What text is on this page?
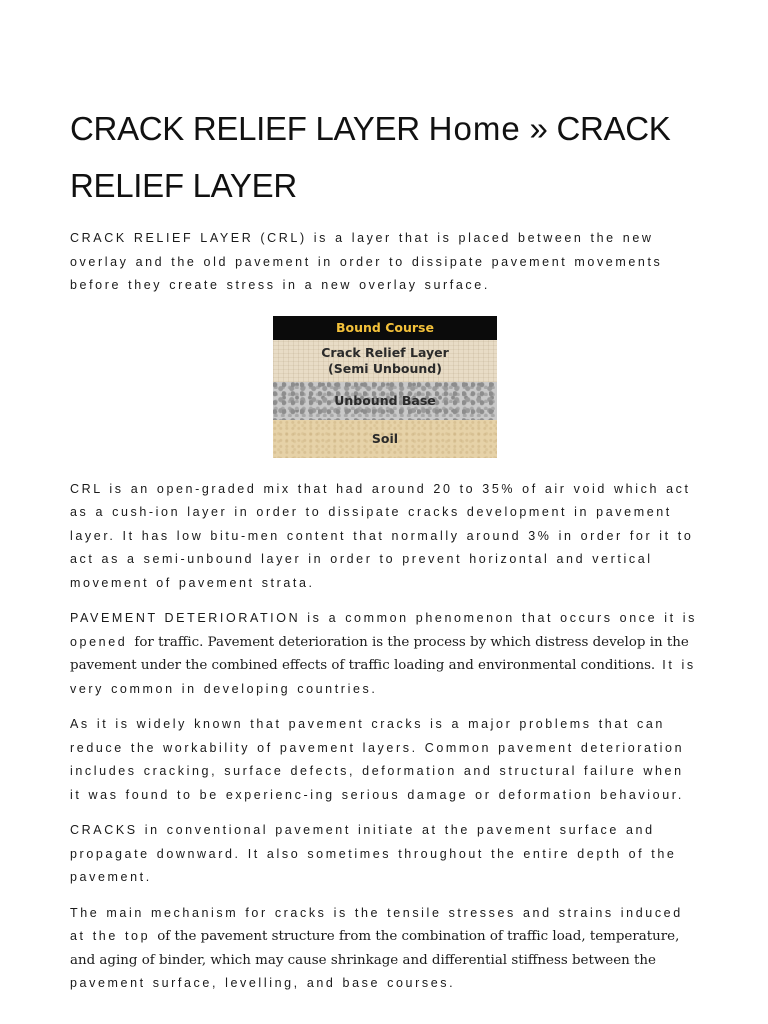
CRACK RELIEF LAYER Home » CRACK RELIEF LAYER

CRACK RELIEF LAYER (CRL) is a layer that is placed between the new overlay and the old pavement in order to dissipate pavement movements before they create stress in a new overlay surface.

Bound Course
Crack Relief Layer
(Semi Unbound)
Unbound Base
Soil

CRL is an open-graded mix that had around 20 to 35% of air void which act as a cush-ion layer in order to dissipate cracks development in pavement layer. It has low bitu-men content that normally around 3% in order for it to act as a semi-unbound layer in order to prevent horizontal and vertical movement of pavement strata.

PAVEMENT DETERIORATION is a common phenomenon that occurs once it is opened for traffic. Pavement deterioration is the process by which distress develop in the pavement under the combined effects of traffic loading and environmental conditions. It is very common in developing countries.

As it is widely known that pavement cracks is a major problems that can reduce the workability of pavement layers. Common pavement deterioration includes cracking, surface defects, deformation and structural failure when it was found to be experienc-ing serious damage or deformation behaviour.

CRACKS in conventional pavement initiate at the pavement surface and propagate downward. It also sometimes throughout the entire depth of the pavement.

The main mechanism for cracks is the tensile stresses and strains induced at the top of the pavement structure from the combination of traffic load, temperature, and aging of binder, which may cause shrinkage and differential stiffness between the pavement surface, levelling, and base courses.
